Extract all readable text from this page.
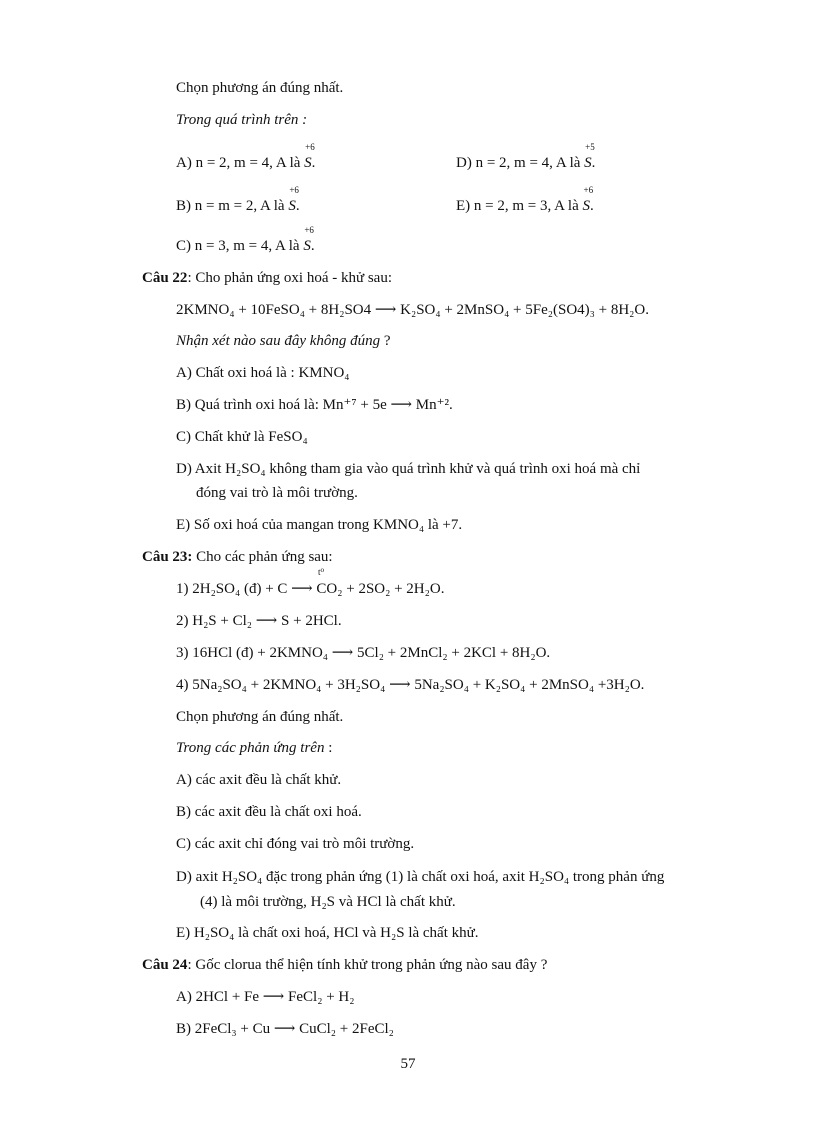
Chọn phương án đúng nhất.
Trong quá trình trên :
A) n = 2, m = 4, A là
+6
S.	D) n = 2, m = 4, A là
+5
S.
B) n = m = 2, A là
+6
S.	E) n = 2, m = 3, A là
+6
S.
C) n = 3, m = 4, A là
+6
S.
Câu 22: Cho phản ứng oxi hoá - khử sau:
2KMNO₄ + 10FeSO₄ + 8H₂SO4 ⟶ K₂SO₄ + 2MnSO₄ + 5Fe₂(SO4)₃ + 8H₂O.
Nhận xét nào sau đây không đúng ?
A) Chất oxi hoá là : KMNO₄
B) Quá trình oxi hoá là: Mn⁺⁷ + 5e ⟶ Mn⁺².
C) Chất khử là FeSO₄
D) Axit H₂SO₄ không tham gia vào quá trình khử và quá trình oxi hoá mà chỉ
đóng vai trò là môi trường.
E) Số oxi hoá của mangan trong KMNO₄ là +7.
Câu 23: Cho các phản ứng sau:
1) 2H₂SO₄ (đ) + C ⟶ CO₂ + 2SO₂ + 2H₂O.
t⁰
2) H₂S + Cl₂ ⟶ S + 2HCl.
3) 16HCl (đ) + 2KMNO₄ ⟶ 5Cl₂ + 2MnCl₂ + 2KCl + 8H₂O.
4) 5Na₂SO₄ + 2KMNO₄ + 3H₂SO₄ ⟶ 5Na₂SO₄ + K₂SO₄ + 2MnSO₄ +3H₂O.
Chọn phương án đúng nhất.
Trong các phản ứng trên :
A) các axit đều là chất khử.
B) các axit đều là chất oxi hoá.
C) các axit chỉ đóng vai trò môi trường.
D) axit H₂SO₄ đặc trong phản ứng (1) là chất oxi hoá, axit H₂SO₄ trong phản ứng
(4) là môi trường, H₂S và HCl là chất khử.
E) H₂SO₄ là chất oxi hoá, HCl và H₂S là chất khử.
Câu 24: Gốc clorua thể hiện tính khử trong phản ứng nào sau đây ?
A) 2HCl + Fe ⟶ FeCl₂ + H₂
B) 2FeCl₃ + Cu ⟶ CuCl₂ + 2FeCl₂
57
